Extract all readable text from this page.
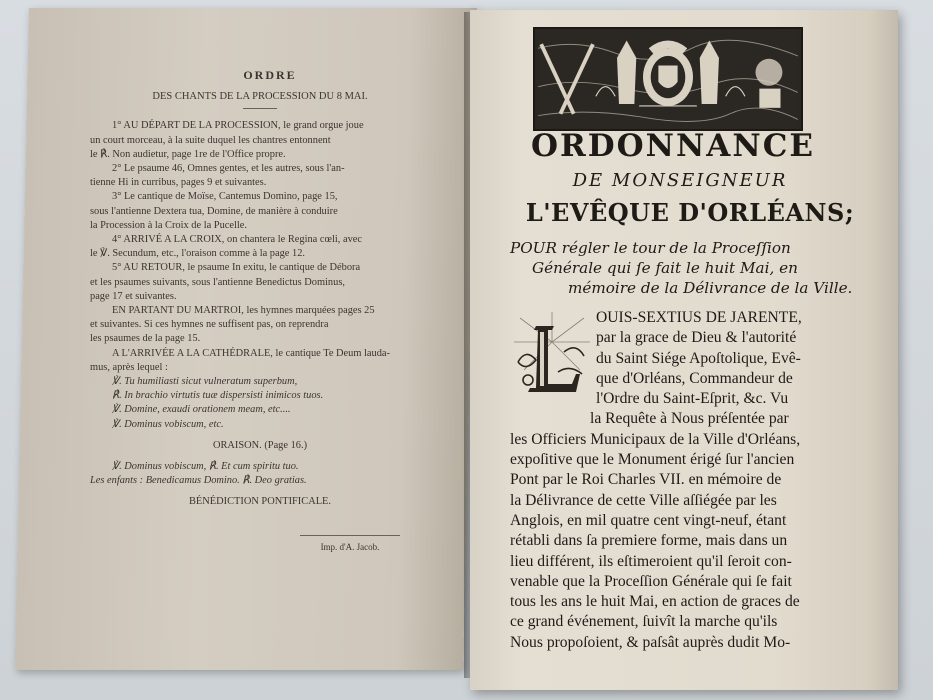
ORDRE
DES CHANTS DE LA PROCESSION DU 8 MAI.
1° AU DÉPART DE LA PROCESSION, le grand orgue joue
un court morceau, à la suite duquel les chantres entonnent
le ℟. Non audietur, page 1re de l'Office propre.
2° Le psaume 46, Omnes gentes, et les autres, sous l'an-
tienne Hi in curribus, pages 9 et suivantes.
3° Le cantique de Moïse, Cantemus Domino, page 15,
sous l'antienne Dextera tua, Domine, de manière à conduire
la Procession à la Croix de la Pucelle.
4° ARRIVÉ A LA CROIX, on chantera le Regina cœli, avec
le ℣. Secundum, etc., l'oraison comme à la page 12.
5° AU RETOUR, le psaume In exitu, le cantique de Débora
et les psaumes suivants, sous l'antienne Benedictus Dominus,
page 17 et suivantes.
EN PARTANT DU MARTROI, les hymnes marquées pages 25
et suivantes. Si ces hymnes ne suffisent pas, on reprendra
les psaumes de la page 15.
A L'ARRIVÉE A LA CATHÉDRALE, le cantique Te Deum lauda-
mus, après lequel :
℣. Tu humiliasti sicut vulneratum superbum,
℟. In brachio virtutis tuæ dispersisti inimicos tuos.
℣. Domine, exaudi orationem meam, etc....
℣. Dominus vobiscum, etc.
ORAISON. (Page 16.)
℣. Dominus vobiscum, ℟. Et cum spiritu tuo.
Les enfants : Benedicamus Domino. ℟. Deo gratias.
BÉNÉDICTION PONTIFICALE.
Imp. d'A. Jacob.
ORDONNANCE
DE MONSEIGNEUR
L'EVÊQUE D'ORLÉANS;
POUR régler le tour de la Proceſſion
Générale qui ſe fait le huit Mai, en
mémoire de la Délivrance de la Ville.
OUIS-SEXTIUS DE JARENTE,
par la grace de Dieu & l'autorité
du Saint Siége Apoſtolique, Evê-
que d'Orléans, Commandeur de
l'Ordre du Saint-Eſprit, &c. Vu
la Requête à Nous préſentée par
les Officiers Municipaux de la Ville d'Orléans,
expoſitive que le Monument érigé ſur l'ancien
Pont par le Roi Charles VII. en mémoire de
la Délivrance de cette Ville aſſiégée par les
Anglois, en mil quatre cent vingt-neuf, étant
rétabli dans ſa premiere forme, mais dans un
lieu différent, ils eſtimeroient qu'il ſeroit con-
venable que la Proceſſion Générale qui ſe fait
tous les ans le huit Mai, en action de graces de
ce grand événement, ſuivît la marche qu'ils
Nous propoſoient, & paſsât auprès dudit Mo-
